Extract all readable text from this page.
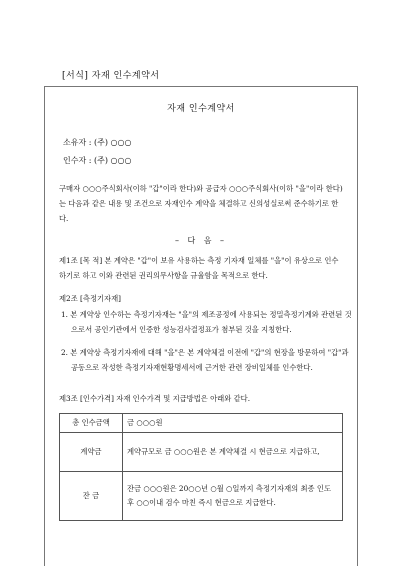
[서식] 자재 인수계약서
자재 인수계약서
소유자 : (주) ○○○
인수자 : (주) ○○○
구매자 ○○○주식회사(이하 "갑"이라 한다)와 공급자 ○○○주식회사(이하 "을"이라 한다)는 다음과 같은 내용 및 조건으로 자재인수 계약을 체결하고 신의성실로써 준수하기로 한다.
– 다 음 –
제1조 [목 적] 본 계약은 "갑"이 보유 사용하는 측정 기자재 일체를 "을"이 유상으로 인수하기로 하고 이와 관련된 권리의무사항을 규율함을 목적으로 한다.
제2조 [측정기자재]
1. 본 계약상 인수하는 측정기자재는 "을"의 제조공정에 사용되는 정밀측정기계와 관련된 것으로서 공인기관에서 인증한 성능검사결정표가 첨부된 것을 지칭한다.
2. 본 계약상 측정기자재에 대해 "을"은 본 계약체결 이전에 "갑"의 현장을 방문하여 "갑"과 공동으로 작성한 측정기자재현황명세서에 근거한 관련 장비일체를 인수한다.
제3조 [인수가격] 자재 인수가격 및 지급방법은 아래와 같다.
총 인수금액	금 ○○○원
계약금	계약규모로 금 ○○○원은 본 계약체결 시 현금으로 지급하고,
잔 금	잔금 ○○○원은 20○○년 ○월 ○일까지 측정기자재의 최종 인도 후 ○○이내 검수 마친 즉시 현금으로 지급한다.
